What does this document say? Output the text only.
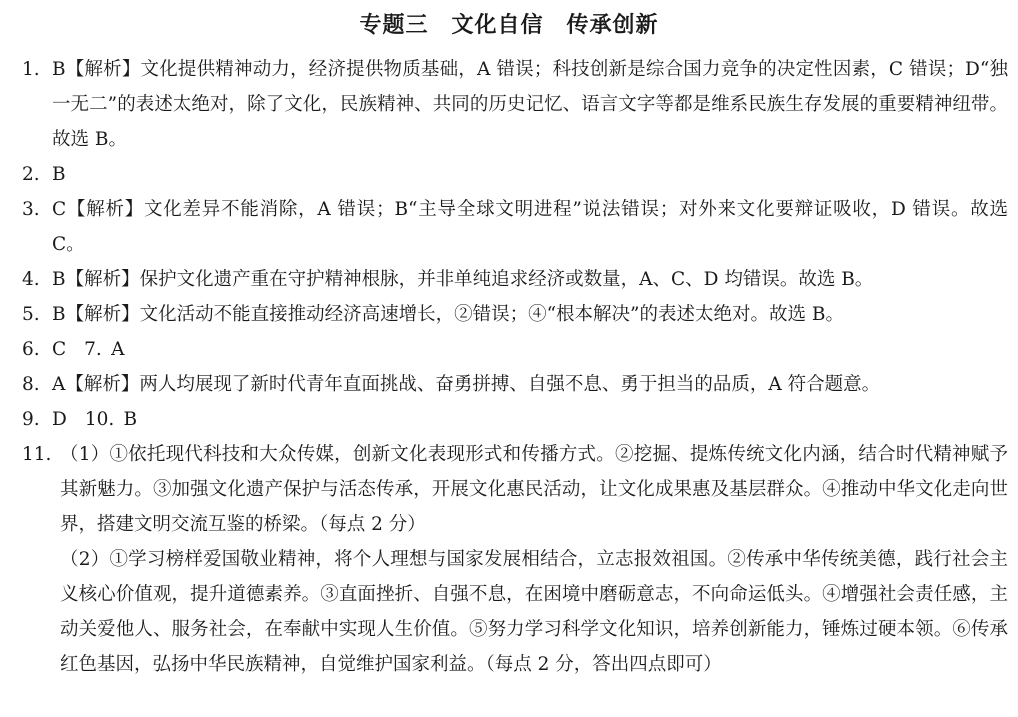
专题三　文化自信　传承创新
1. B【解析】文化提供精神动力，经济提供物质基础，A 错误；科技创新是综合国力竞争的决定性因素，C 错误；D“独一无二”的表述太绝对，除了文化，民族精神、共同的历史记忆、语言文字等都是维系民族生存发展的重要精神纽带。故选 B。
2. B
3. C【解析】文化差异不能消除，A 错误；B“主导全球文明进程”说法错误；对外来文化要辩证吸收，D 错误。故选 C。
4. B【解析】保护文化遗产重在守护精神根脉，并非单纯追求经济或数量，A、C、D 均错误。故选 B。
5. B【解析】文化活动不能直接推动经济高速增长，②错误；④“根本解决”的表述太绝对。故选 B。
6. C 7.  A
8. A【解析】两人均展现了新时代青年直面挑战、奋勇拼搏、自强不息、勇于担当的品质，A 符合题意。
9. D 10.  B
11. （1）①依托现代科技和大众传媒，创新文化表现形式和传播方式。②挖掘、提炼传统文化内涵，结合时代精神赋予其新魅力。③加强文化遗产保护与活态传承，开展文化惠民活动，让文化成果惠及基层群众。④推动中华文化走向世界，搭建文明交流互鉴的桥梁。（每点 2 分）
（2）①学习榜样爱国敬业精神，将个人理想与国家发展相结合，立志报效祖国。②传承中华传统美德，践行社会主义核心价值观，提升道德素养。③直面挫折、自强不息，在困境中磨砺意志，不向命运低头。④增强社会责任感，主动关爱他人、服务社会，在奉献中实现人生价值。⑤努力学习科学文化知识，培养创新能力，锤炼过硬本领。⑥传承红色基因，弘扬中华民族精神，自觉维护国家利益。（每点 2 分，答出四点即可）
